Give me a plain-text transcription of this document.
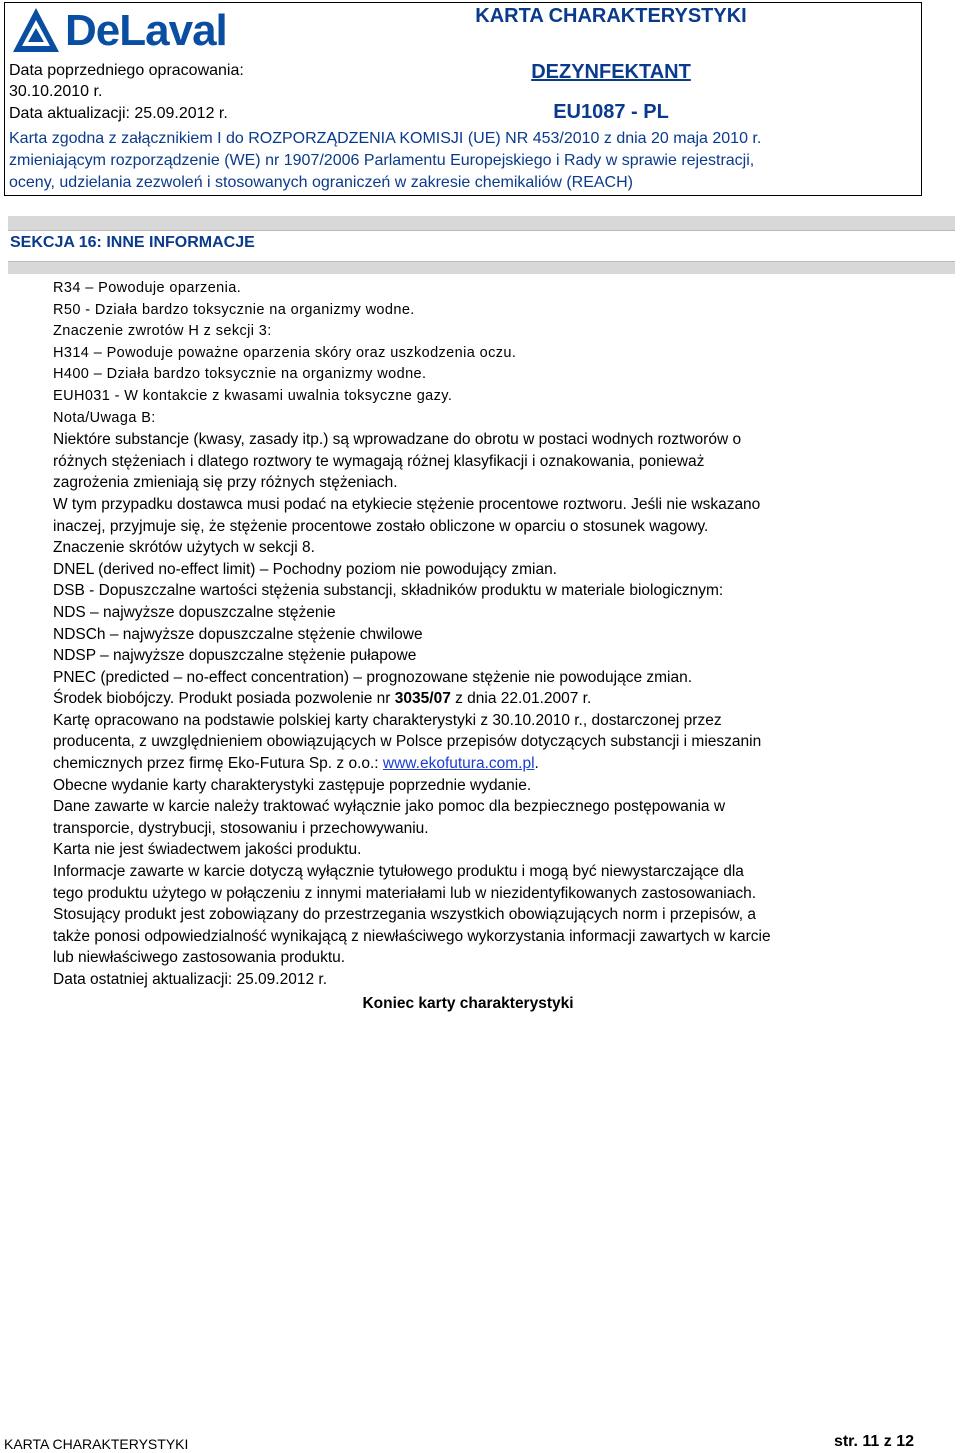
DeLaval	KARTA CHARAKTERYSTYKI
Data poprzedniego opracowania:
30.10.2010 r.
Data aktualizacji: 25.09.2012 r.
DEZYNFEKTANT
EU1087 - PL
Karta zgodna z załącznikiem I do ROZPORZĄDZENIA KOMISJI (UE) NR 453/2010 z dnia 20 maja 2010 r.
zmieniającym rozporządzenie (WE) nr 1907/2006 Parlamentu Europejskiego i Rady w sprawie rejestracji,
oceny, udzielania zezwoleń i stosowanych ograniczeń w zakresie chemikaliów (REACH)
SEKCJA 16: INNE INFORMACJE
R34 – Powoduje oparzenia.
R50 - Działa bardzo toksycznie na organizmy wodne.
Znaczenie zwrotów H z sekcji 3:
H314 – Powoduje poważne oparzenia skóry oraz uszkodzenia oczu.
H400 – Działa bardzo toksycznie na organizmy wodne.
EUH031 - W kontakcie z kwasami uwalnia toksyczne gazy.
Nota/Uwaga B:
Niektóre substancje (kwasy, zasady itp.) są wprowadzane do obrotu w postaci wodnych roztworów o
różnych stężeniach i dlatego roztwory te wymagają różnej klasyfikacji i oznakowania, ponieważ
zagrożenia zmieniają się przy różnych stężeniach.
W tym przypadku dostawca musi podać na etykiecie stężenie procentowe roztworu. Jeśli nie wskazano
inaczej, przyjmuje się, że stężenie procentowe zostało obliczone w oparciu o stosunek wagowy.
Znaczenie skrótów użytych w sekcji 8.
DNEL (derived no-effect limit) – Pochodny poziom nie powodujący zmian.
DSB - Dopuszczalne wartości stężenia substancji, składników produktu w materiale biologicznym:
NDS – najwyższe dopuszczalne stężenie
NDSCh – najwyższe dopuszczalne stężenie chwilowe
NDSP – najwyższe dopuszczalne stężenie pułapowe
PNEC (predicted – no-effect concentration) – prognozowane stężenie nie powodujące zmian.
Środek biobójczy. Produkt posiada pozwolenie nr 3035/07 z dnia 22.01.2007 r.
Kartę opracowano na podstawie polskiej karty charakterystyki z 30.10.2010 r., dostarczonej przez
producenta, z uwzględnieniem obowiązujących w Polsce przepisów dotyczących substancji i mieszanin
chemicznych przez firmę Eko-Futura Sp. z o.o.: www.ekofutura.com.pl.
Obecne wydanie karty charakterystyki zastępuje poprzednie wydanie.
Dane zawarte w karcie należy traktować wyłącznie jako pomoc dla bezpiecznego postępowania w
transporcie, dystrybucji, stosowaniu i przechowywaniu.
Karta nie jest świadectwem jakości produktu.
Informacje zawarte w karcie dotyczą wyłącznie tytułowego produktu i mogą być niewystarczające dla
tego produktu użytego w połączeniu z innymi materiałami lub w niezidentyfikowanych zastosowaniach.
Stosujący produkt jest zobowiązany do przestrzegania wszystkich obowiązujących norm i przepisów, a
także ponosi odpowiedzialność wynikającą z niewłaściwego wykorzystania informacji zawartych w karcie
lub niewłaściwego zastosowania produktu.
Data ostatniej aktualizacji: 25.09.2012 r.
Koniec karty charakterystyki
KARTA CHARAKTERYSTYKI	str. 11 z 12
